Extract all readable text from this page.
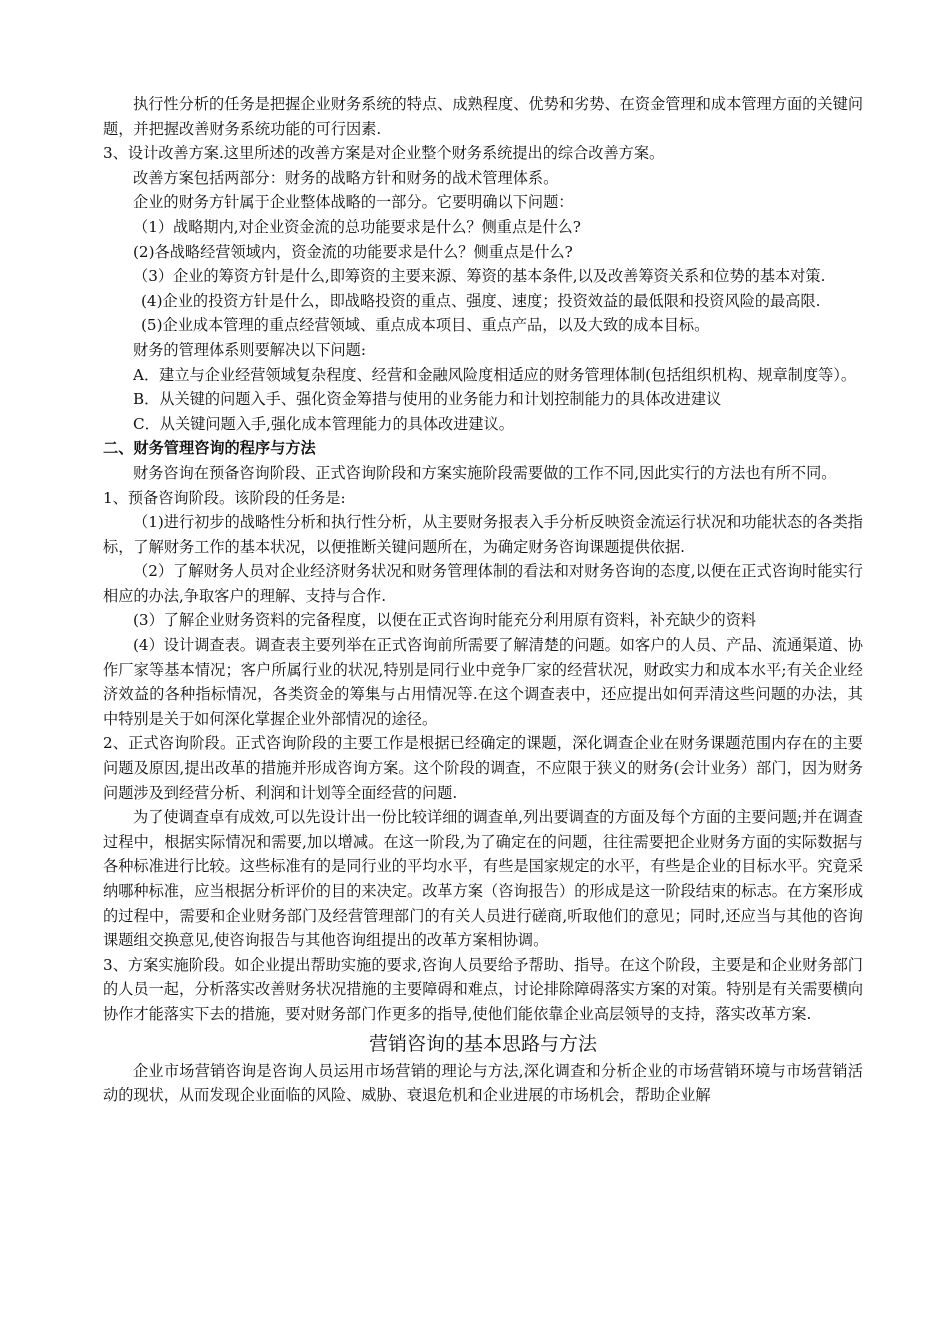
执行性分析的任务是把握企业财务系统的特点、成熟程度、优势和劣势、在资金管理和成本管理方面的关键问题，并把握改善财务系统功能的可行因素.

3、设计改善方案.这里所述的改善方案是对企业整个财务系统提出的综合改善方案。

改善方案包括两部分：财务的战略方针和财务的战术管理体系。

企业的财务方针属于企业整体战略的一部分。它要明确以下问题：

（1）战略期内,对企业资金流的总功能要求是什么？侧重点是什么?

(2)各战略经营领域内，资金流的功能要求是什么？侧重点是什么?

（3）企业的筹资方针是什么,即筹资的主要来源、筹资的基本条件,以及改善筹资关系和位势的基本对策.

(4)企业的投资方针是什么，即战略投资的重点、强度、速度；投资效益的最低限和投资风险的最高限.

(5)企业成本管理的重点经营领域、重点成本项目、重点产品，以及大致的成本目标。

财务的管理体系则要解决以下问题:

A．建立与企业经营领域复杂程度、经营和金融风险度相适应的财务管理体制(包括组织机构、规章制度等）。

B．从关键的问题入手、强化资金筹措与使用的业务能力和计划控制能力的具体改进建议

C．从关键问题入手,强化成本管理能力的具体改进建议。

二、财务管理咨询的程序与方法

财务咨询在预备咨询阶段、正式咨询阶段和方案实施阶段需要做的工作不同,因此实行的方法也有所不同。

1、预备咨询阶段。该阶段的任务是:

（1)进行初步的战略性分析和执行性分析，从主要财务报表入手分析反映资金流运行状况和功能状态的各类指标，了解财务工作的基本状况，以便推断关键问题所在，为确定财务咨询课题提供依据.

（2）了解财务人员对企业经济财务状况和财务管理体制的看法和对财务咨询的态度,以便在正式咨询时能实行相应的办法,争取客户的理解、支持与合作.

(3）了解企业财务资料的完备程度，以便在正式咨询时能充分利用原有资料，补充缺少的资料

(4）设计调查表。调查表主要列举在正式咨询前所需要了解清楚的问题。如客户的人员、产品、流通渠道、协作厂家等基本情况；客户所属行业的状况,特别是同行业中竞争厂家的经营状况，财政实力和成本水平;有关企业经济效益的各种指标情况，各类资金的筹集与占用情况等.在这个调查表中，还应提出如何弄清这些问题的办法，其中特别是关于如何深化掌握企业外部情况的途径。

2、正式咨询阶段。正式咨询阶段的主要工作是根据已经确定的课题，深化调查企业在财务课题范围内存在的主要问题及原因,提出改革的措施并形成咨询方案。这个阶段的调查，不应限于狭义的财务(会计业务）部门，因为财务问题涉及到经营分析、利润和计划等全面经营的问题.

为了使调查卓有成效,可以先设计出一份比较详细的调查单,列出要调查的方面及每个方面的主要问题;并在调查过程中，根据实际情况和需要,加以增减。在这一阶段,为了确定在的问题，往往需要把企业财务方面的实际数据与各种标准进行比较。这些标准有的是同行业的平均水平，有些是国家规定的水平，有些是企业的目标水平。究竟采纳哪种标准，应当根据分析评价的目的来决定。改革方案（咨询报告）的形成是这一阶段结束的标志。在方案形成的过程中，需要和企业财务部门及经营管理部门的有关人员进行磋商,听取他们的意见；同时,还应当与其他的咨询课题组交换意见,使咨询报告与其他咨询组提出的改革方案相协调。

3、方案实施阶段。如企业提出帮助实施的要求,咨询人员要给予帮助、指导。在这个阶段，主要是和企业财务部门的人员一起，分析落实改善财务状况措施的主要障碍和难点，讨论排除障碍落实方案的对策。特别是有关需要横向协作才能落实下去的措施，要对财务部门作更多的指导,使他们能依靠企业高层领导的支持，落实改革方案.

营销咨询的基本思路与方法

企业市场营销咨询是咨询人员运用市场营销的理论与方法,深化调查和分析企业的市场营销环境与市场营销活动的现状，从而发现企业面临的风险、威胁、衰退危机和企业进展的市场机会，帮助企业解
